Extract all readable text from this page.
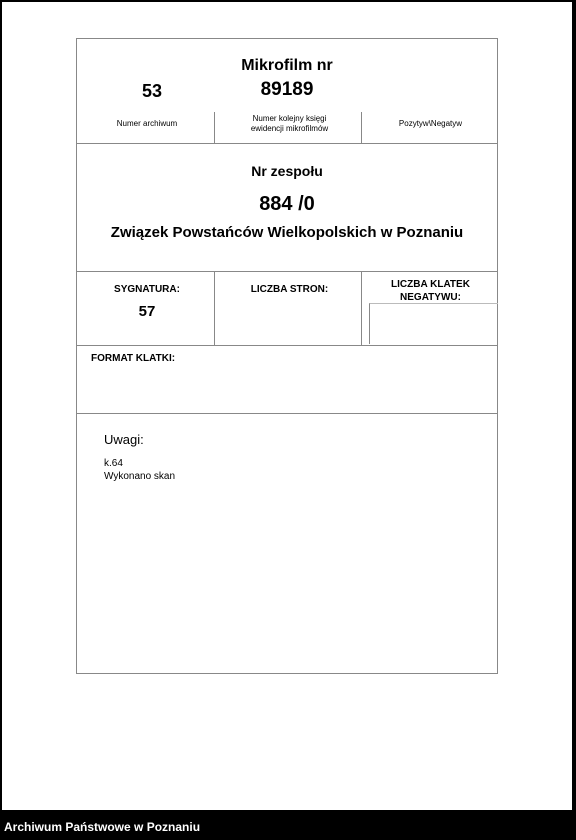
Mikrofilm nr
53	89189
Numer archiwum
Numer kolejny księgi
ewidencji mikrofilmów
Pozytyw\Negatyw
Nr zespołu
884 /0
Związek Powstańców Wielkopolskich w Poznaniu
SYGNATURA:
57
LICZBA STRON:	LICZBA KLATEK
NEGATYWU:
FORMAT KLATKI:
Uwagi:
k.64
Wykonano skan
Archiwum Państwowe w Poznaniu
